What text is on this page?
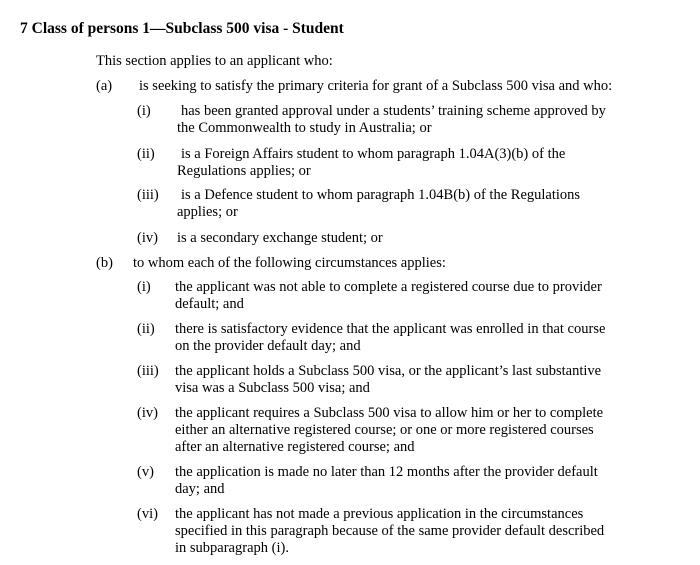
7 Class of persons 1—Subclass 500 visa - Student
This section applies to an applicant who:
(a) is seeking to satisfy the primary criteria for grant of a Subclass 500 visa and who:
(i) has been granted approval under a students’ training scheme approved by
the Commonwealth to study in Australia; or
(ii) is a Foreign Affairs student to whom paragraph 1.04A(3)(b) of the
Regulations applies; or
(iii) is a Defence student to whom paragraph 1.04B(b) of the Regulations
applies; or
(iv) is a secondary exchange student; or
(b) to whom each of the following circumstances applies:
(i) the applicant was not able to complete a registered course due to provider
default; and
(ii) there is satisfactory evidence that the applicant was enrolled in that course
on the provider default day; and
(iii) the applicant holds a Subclass 500 visa, or the applicant’s last substantive
visa was a Subclass 500 visa; and
(iv) the applicant requires a Subclass 500 visa to allow him or her to complete
either an alternative registered course; or one or more registered courses
after an alternative registered course; and
(v) the application is made no later than 12 months after the provider default
day; and
(vi) the applicant has not made a previous application in the circumstances
specified in this paragraph because of the same provider default described
in subparagraph (i).
